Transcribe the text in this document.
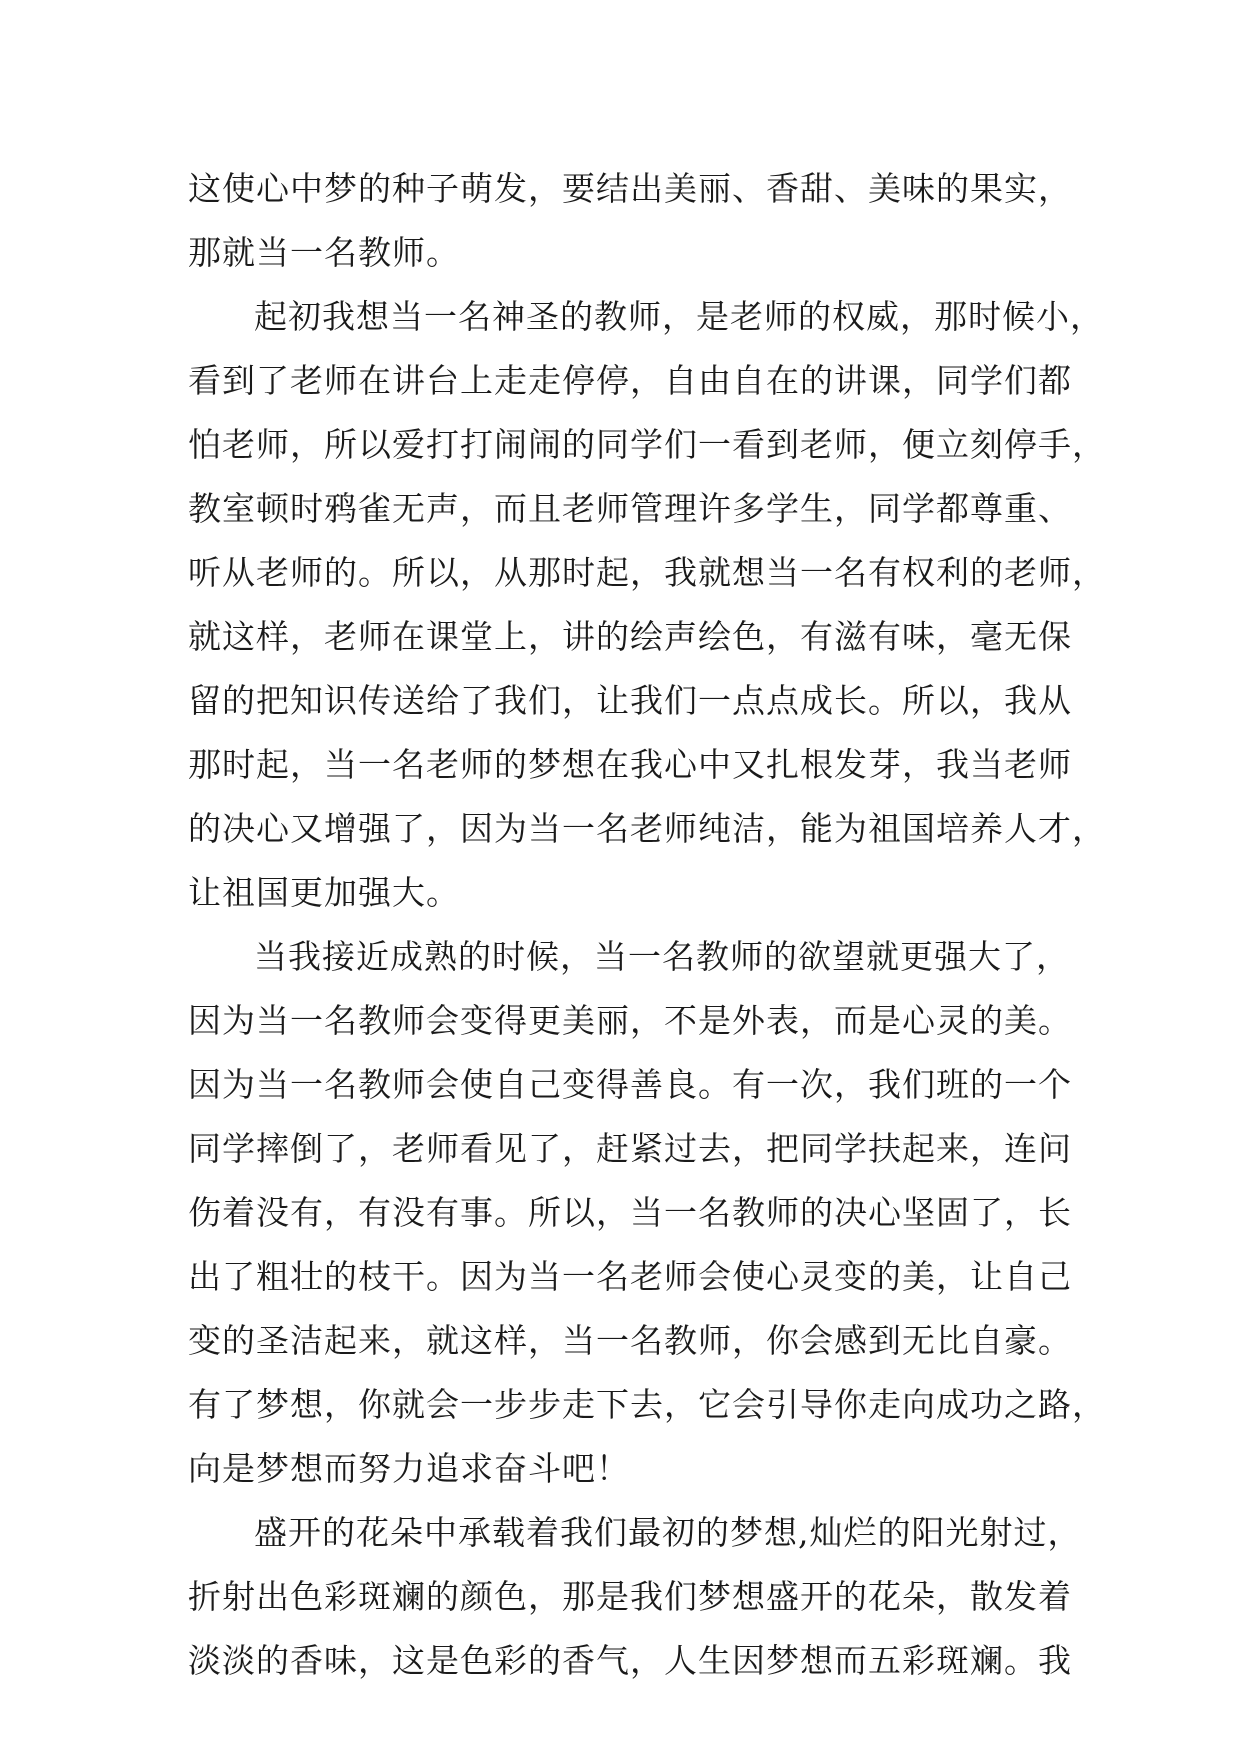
这使心中梦的种子萌发，要结出美丽、香甜、美味的果实，
那就当一名教师。
起初我想当一名神圣的教师，是老师的权威，那时候小，
看到了老师在讲台上走走停停，自由自在的讲课，同学们都
怕老师，所以爱打打闹闹的同学们一看到老师，便立刻停手，
教室顿时鸦雀无声，而且老师管理许多学生，同学都尊重、
听从老师的。所以，从那时起，我就想当一名有权利的老师，
就这样，老师在课堂上，讲的绘声绘色，有滋有味，毫无保
留的把知识传送给了我们，让我们一点点成长。所以，我从
那时起，当一名老师的梦想在我心中又扎根发芽，我当老师
的决心又增强了，因为当一名老师纯洁，能为祖国培养人才，
让祖国更加强大。
当我接近成熟的时候，当一名教师的欲望就更强大了，
因为当一名教师会变得更美丽，不是外表，而是心灵的美。
因为当一名教师会使自己变得善良。有一次，我们班的一个
同学摔倒了，老师看见了，赶紧过去，把同学扶起来，连问
伤着没有，有没有事。所以，当一名教师的决心坚固了，长
出了粗壮的枝干。因为当一名老师会使心灵变的美，让自己
变的圣洁起来，就这样，当一名教师，你会感到无比自豪。
有了梦想，你就会一步步走下去，它会引导你走向成功之路，
向是梦想而努力追求奋斗吧！
盛开的花朵中承载着我们最初的梦想,灿烂的阳光射过，
折射出色彩斑斓的颜色，那是我们梦想盛开的花朵，散发着
淡淡的香味，这是色彩的香气，人生因梦想而五彩斑斓。我
